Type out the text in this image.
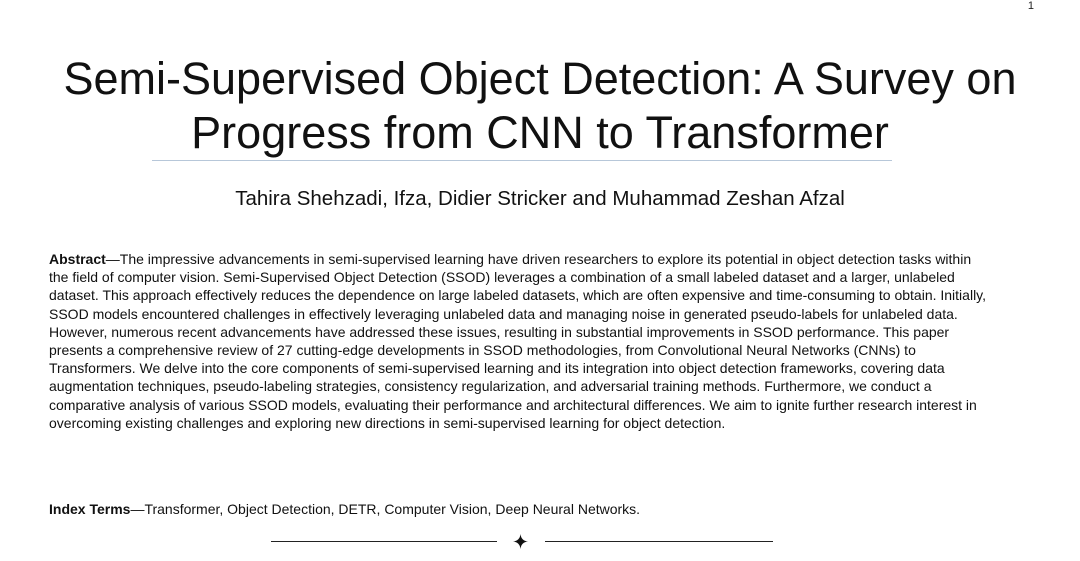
1
Semi-Supervised Object Detection: A Survey on
Progress from CNN to Transformer
Tahira Shehzadi, Ifza, Didier Stricker and Muhammad Zeshan Afzal

Abstract—The impressive advancements in semi-supervised learning have driven researchers to explore its potential in object detection tasks within the field of computer vision. Semi-Supervised Object Detection (SSOD) leverages a combination of a small labeled dataset and a larger, unlabeled dataset. This approach effectively reduces the dependence on large labeled datasets, which are often expensive and time-consuming to obtain. Initially, SSOD models encountered challenges in effectively leveraging unlabeled data and managing noise in generated pseudo-labels for unlabeled data. However, numerous recent advancements have addressed these issues, resulting in substantial improvements in SSOD performance. This paper presents a comprehensive review of 27 cutting-edge developments in SSOD methodologies, from Convolutional Neural Networks (CNNs) to Transformers. We delve into the core components of semi-supervised learning and its integration into object detection frameworks, covering data augmentation techniques, pseudo-labeling strategies, consistency regularization, and adversarial training methods. Furthermore, we conduct a comparative analysis of various SSOD models, evaluating their performance and architectural differences. We aim to ignite further research interest in overcoming existing challenges and exploring new directions in semi-supervised learning for object detection.

Index Terms—Transformer, Object Detection, DETR, Computer Vision, Deep Neural Networks.
